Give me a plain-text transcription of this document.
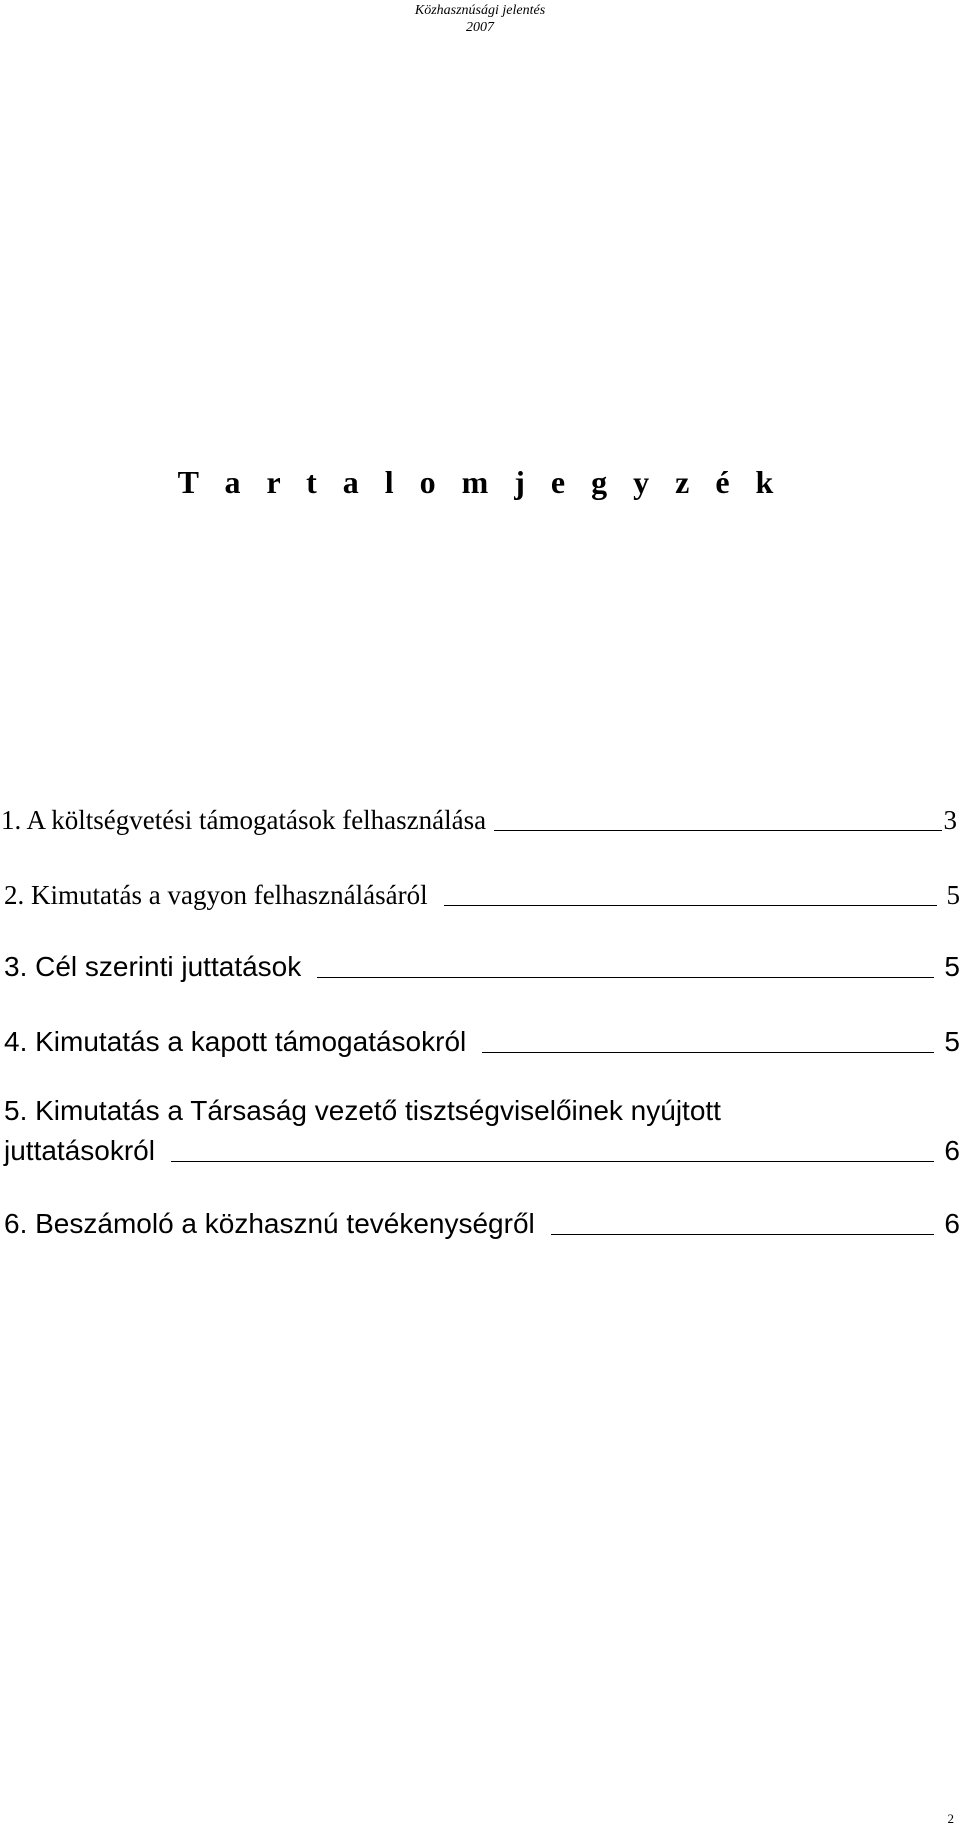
Közhasznúsági jelentés
2007
T a r t a l o m j e g y z é k
1. A költségvetési támogatások felhasználása	3
2. Kimutatás a vagyon felhasználásáról	5
3. Cél szerinti juttatások	5
4. Kimutatás a kapott támogatásokról	5
5. Kimutatás a Társaság vezető tisztségviselőinek nyújtott
juttatásokról	6
6. Beszámoló a közhasznú tevékenységről	6
2
